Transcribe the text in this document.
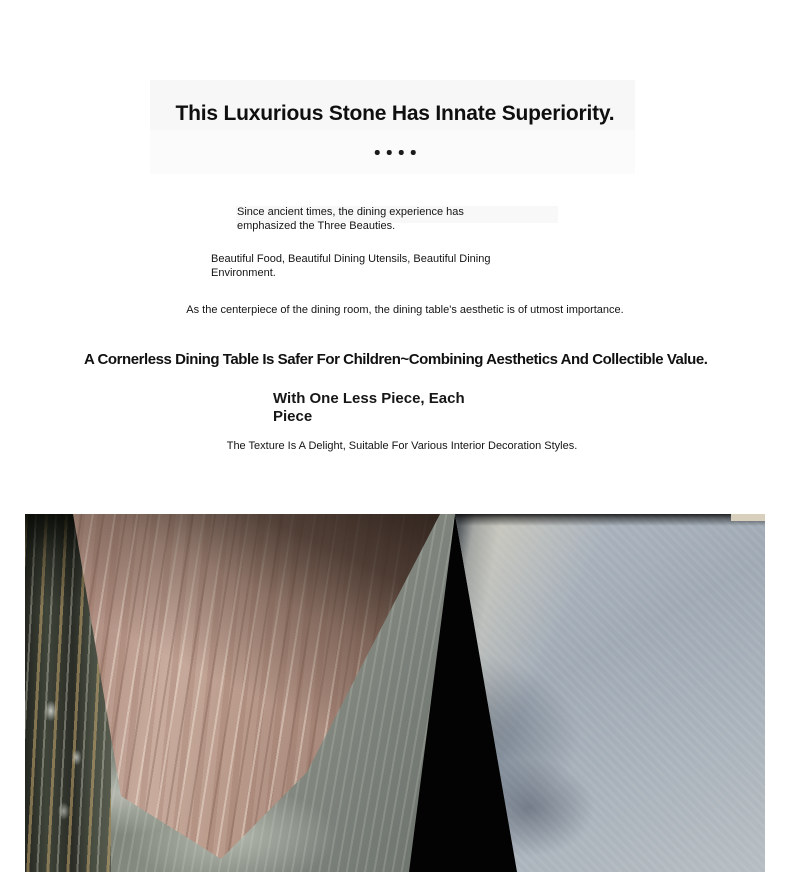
This Luxurious Stone Has Innate Superiority.
Since ancient times, the dining experience has
emphasized the Three Beauties.
Beautiful Food, Beautiful Dining Utensils, Beautiful Dining
Environment.
As the centerpiece of the dining room, the dining table's aesthetic is of utmost importance.
A Cornerless Dining Table Is Safer For Children~Combining Aesthetics And Collectible Value.
With One Less Piece, Each
Piece
The Texture Is A Delight, Suitable For Various Interior Decoration Styles.
